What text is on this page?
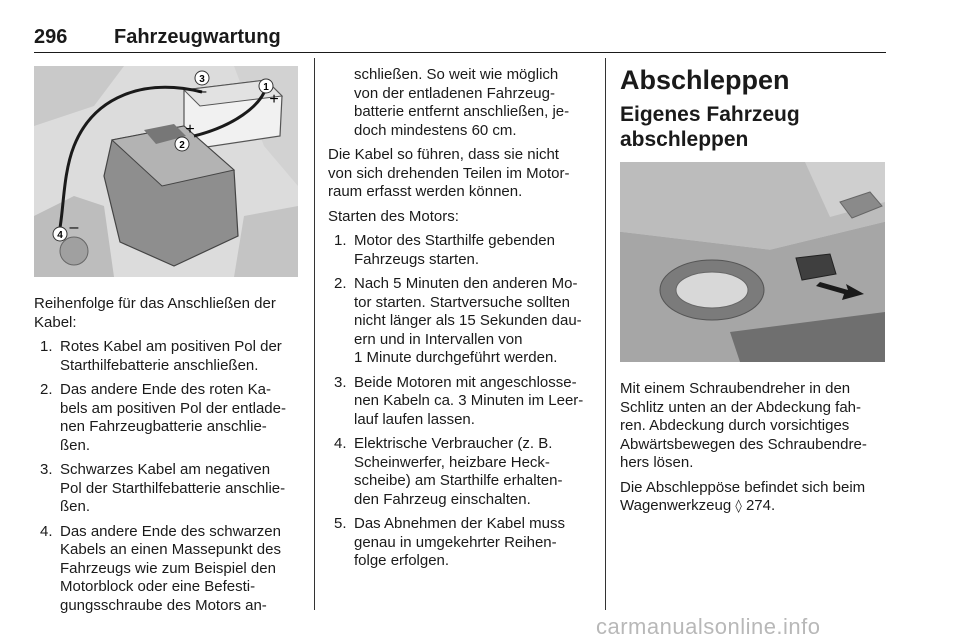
296 Fahrzeugwartung
3
–	1
+
2
+
4 –

Reihenfolge für das Anschließen der Kabel:

1. Rotes Kabel am positiven Pol der
Starthilfebatterie anschließen.
2. Das andere Ende des roten Ka-
bels am positiven Pol der entlade-
nen Fahrzeugbatterie anschlie-
ßen.
3. Schwarzes Kabel am negativen
Pol der Starthilfebatterie anschlie-
ßen.
4. Das andere Ende des schwarzen
Kabels an einen Massepunkt des
Fahrzeugs wie zum Beispiel den
Motorblock oder eine Befesti-
gungsschraube des Motors an-

schließen. So weit wie möglich
von der entladenen Fahrzeug-
batterie entfernt anschließen, je-
doch mindestens 60 cm.

Die Kabel so führen, dass sie nicht
von sich drehenden Teilen im Motor-
raum erfasst werden können.

Starten des Motors:

1. Motor des Starthilfe gebenden
Fahrzeugs starten.
2. Nach 5 Minuten den anderen Mo-
tor starten. Startversuche sollten
nicht länger als 15 Sekunden dau-
ern und in Intervallen von
1 Minute durchgeführt werden.
3. Beide Motoren mit angeschlosse-
nen Kabeln ca. 3 Minuten im Leer-
lauf laufen lassen.
4. Elektrische Verbraucher (z. B.
Scheinwerfer, heizbare Heck-
scheibe) am Starthilfe erhalten-
den Fahrzeug einschalten.
5. Das Abnehmen der Kabel muss
genau in umgekehrter Reihen-
folge erfolgen.
Abschleppen
Eigenes Fahrzeug
abschleppen

Mit einem Schraubendreher in den
Schlitz unten an der Abdeckung fah-
ren. Abdeckung durch vorsichtiges
Abwärtsbewegen des Schraubendre-
hers lösen.

Die Abschleppöse befindet sich beim
Wagenwerkzeug ◊ 274.

carmanualsonline.info
